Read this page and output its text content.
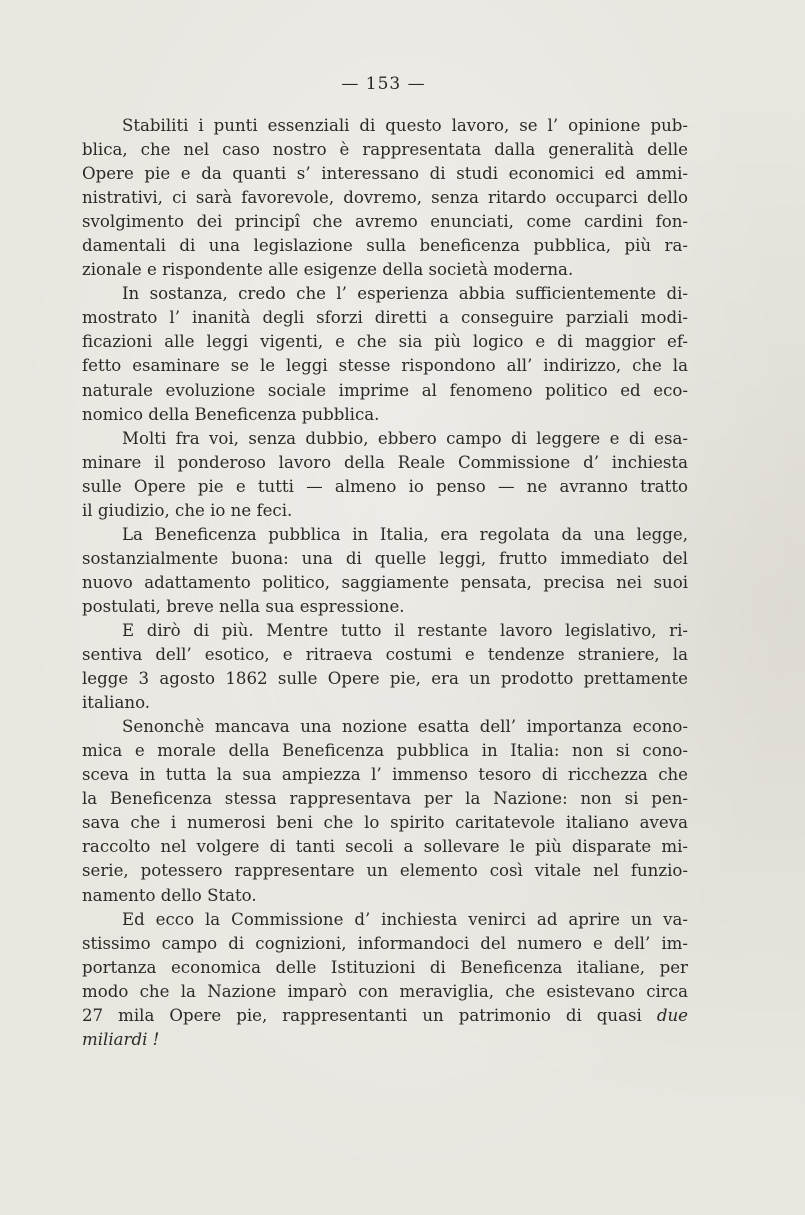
— 153 —
Stabiliti i punti essenziali di questo lavoro, se l’ opinione pub-
blica, che nel caso nostro è rappresentata dalla generalità delle
Opere pie e da quanti s’ interessano di studi economici ed ammi-
nistrativi, ci sarà favorevole, dovremo, senza ritardo occuparci dello
svolgimento dei principî che avremo enunciati, come cardini fon-
damentali di una legislazione sulla beneficenza pubblica, più ra-
zionale e rispondente alle esigenze della società moderna.
In sostanza, credo che l’ esperienza abbia sufficientemente di-
mostrato l’ inanità degli sforzi diretti a conseguire parziali modi-
ficazioni alle leggi vigenti, e che sia più logico e di maggior ef-
fetto esaminare se le leggi stesse rispondono all’ indirizzo, che la
naturale evoluzione sociale imprime al fenomeno politico ed eco-
nomico della Beneficenza pubblica.
Molti fra voi, senza dubbio, ebbero campo di leggere e di esa-
minare il ponderoso lavoro della Reale Commissione d’ inchiesta
sulle Opere pie e tutti — almeno io penso — ne avranno tratto
il giudizio, che io ne feci.
La Beneficenza pubblica in Italia, era regolata da una legge,
sostanzialmente buona: una di quelle leggi, frutto immediato del
nuovo adattamento politico, saggiamente pensata, precisa nei suoi
postulati, breve nella sua espressione.
E dirò di più. Mentre tutto il restante lavoro legislativo, ri-
sentiva dell’ esotico, e ritraeva costumi e tendenze straniere, la
legge 3 agosto 1862 sulle Opere pie, era un prodotto prettamente
italiano.
Senonchè mancava una nozione esatta dell’ importanza econo-
mica e morale della Beneficenza pubblica in Italia: non si cono-
sceva in tutta la sua ampiezza l’ immenso tesoro di ricchezza che
la Beneficenza stessa rappresentava per la Nazione: non si pen-
sava che i numerosi beni che lo spirito caritatevole italiano aveva
raccolto nel volgere di tanti secoli a sollevare le più disparate mi-
serie, potessero rappresentare un elemento così vitale nel funzio-
namento dello Stato.
Ed ecco la Commissione d’ inchiesta venirci ad aprire un va-
stissimo campo di cognizioni, informandoci del numero e dell’ im-
portanza economica delle Istituzioni di Beneficenza italiane, per
modo che la Nazione imparò con meraviglia, che esistevano circa
27 mila Opere pie, rappresentanti un patrimonio di quasi due
miliardi !
